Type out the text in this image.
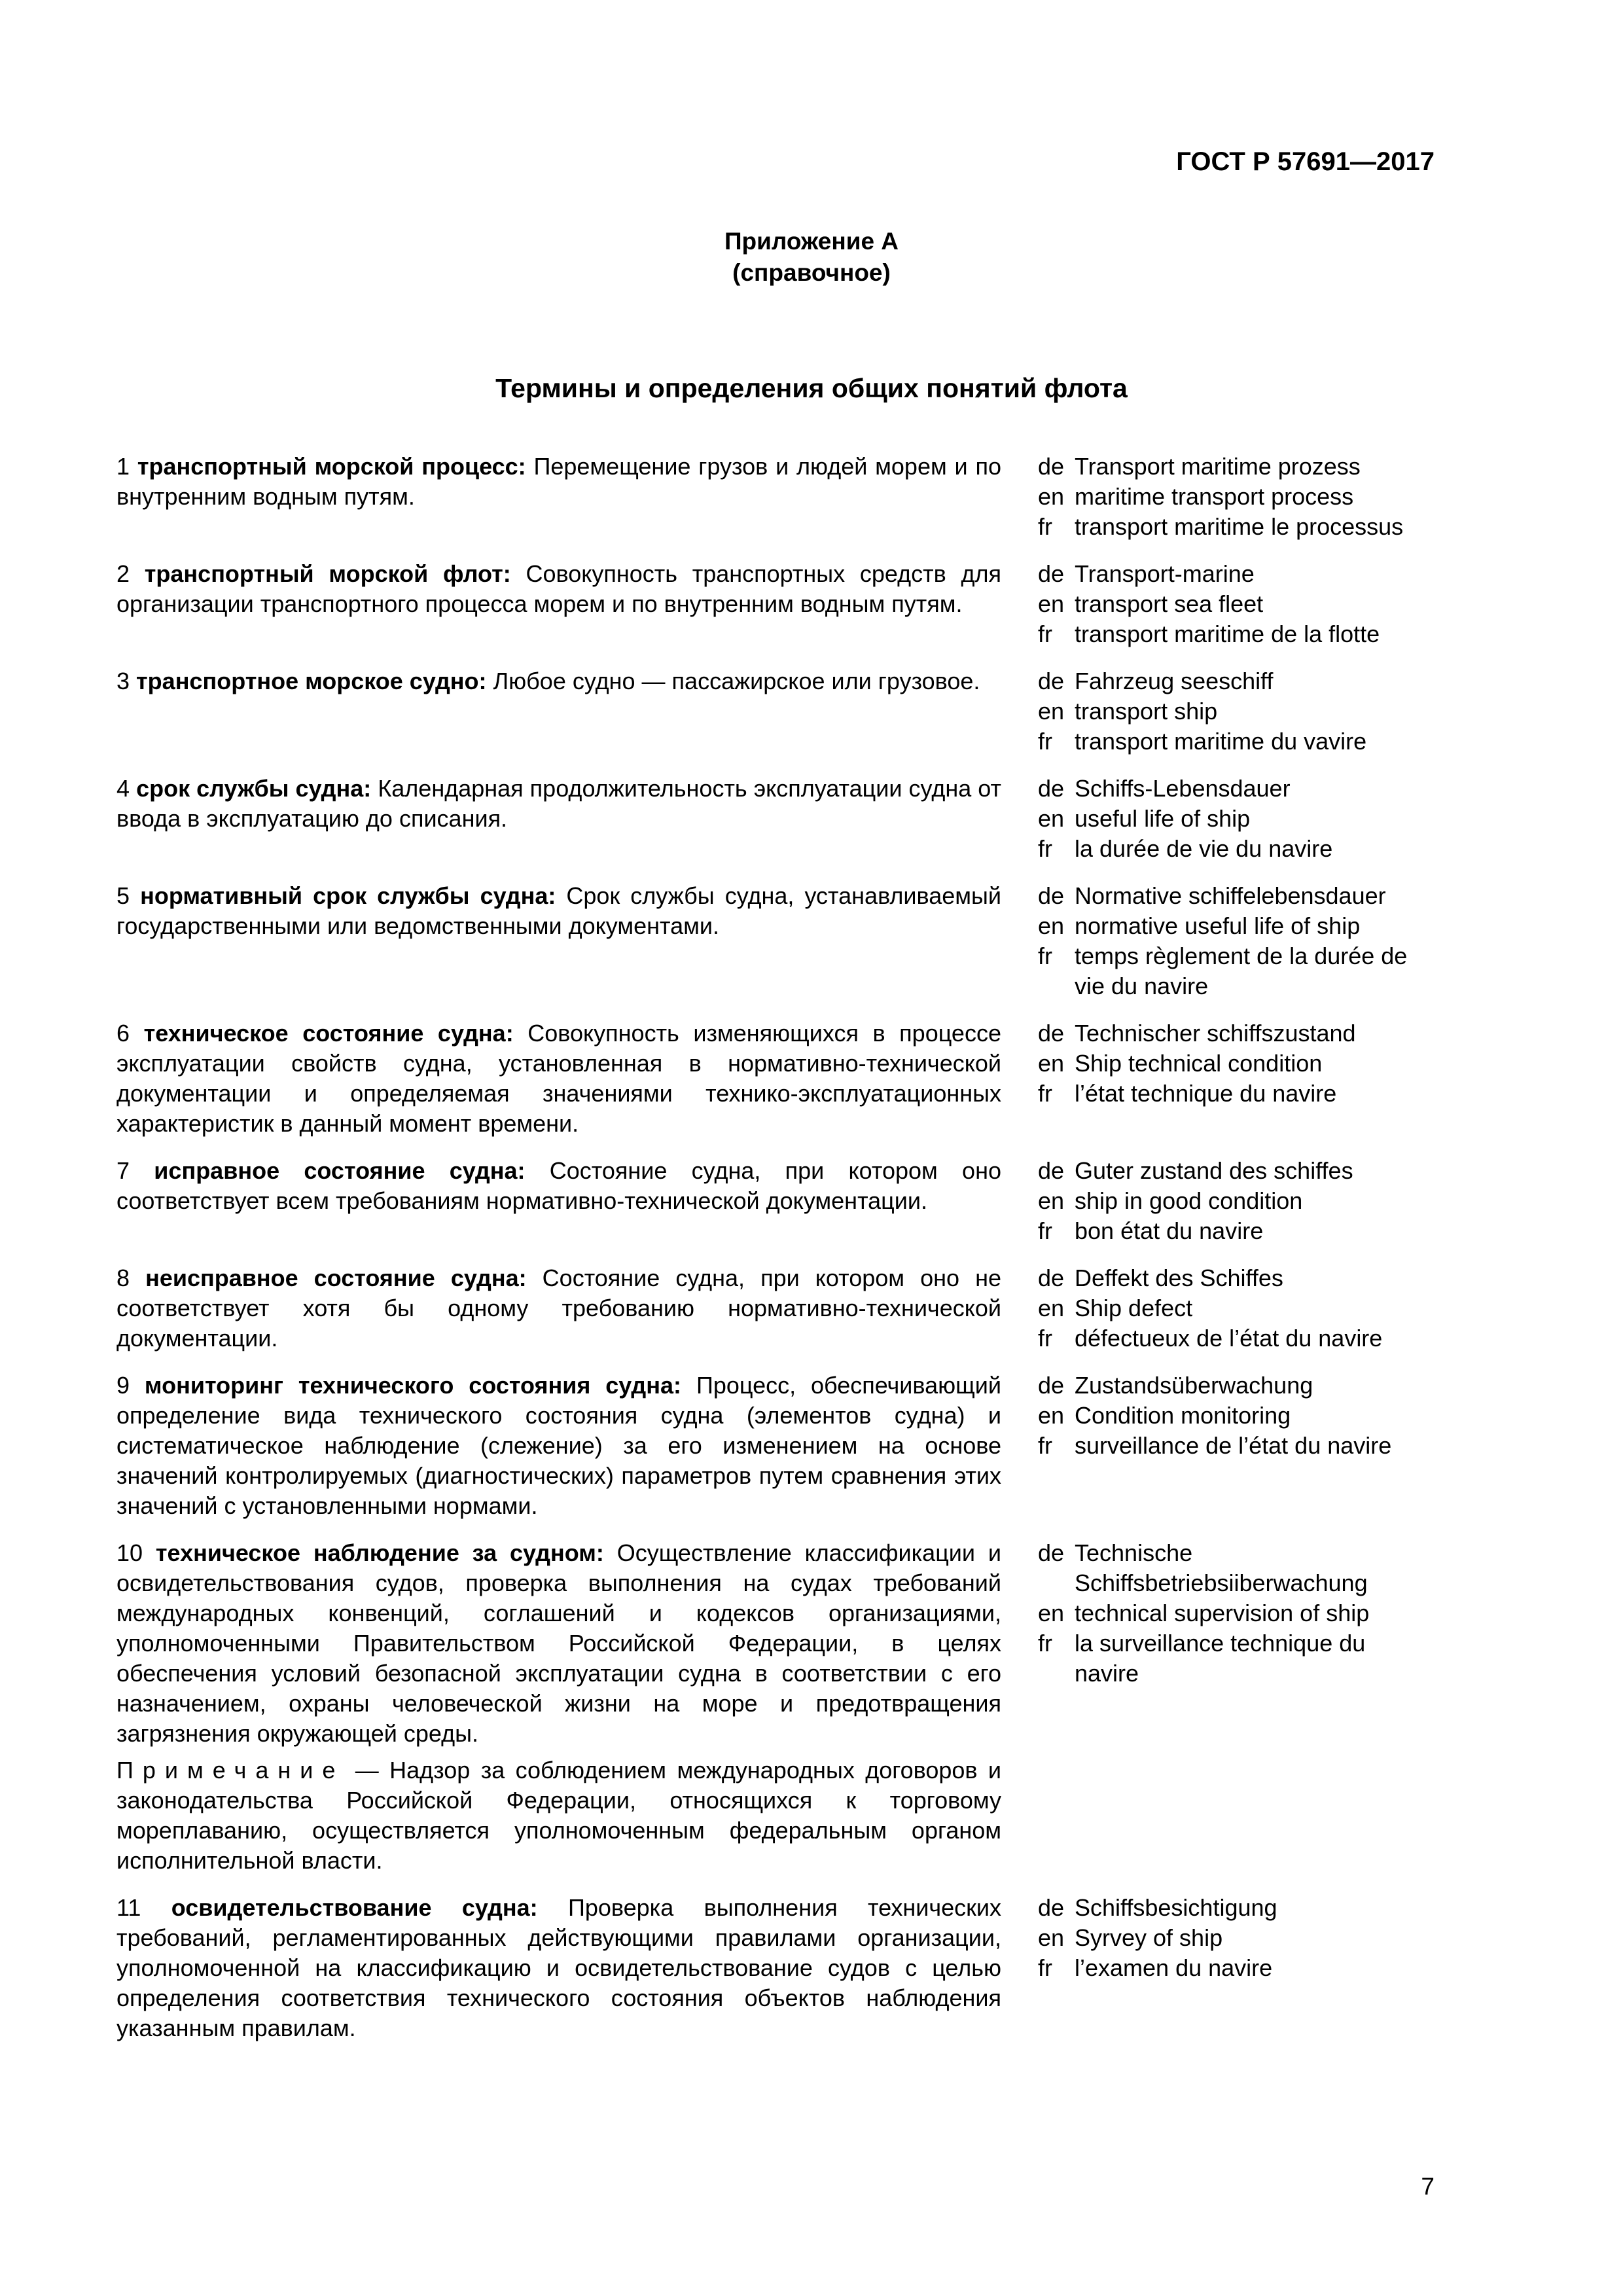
ГОСТ Р 57691—2017
Приложение А
(справочное)
Термины и определения общих понятий флота

1 транспортный морской процесс: Перемещение грузов и людей морем и по внутренним водным путям.

de Transport maritime prozess
en maritime transport process
fr transport maritime le processus

2 транспортный морской флот: Совокупность транспортных средств для организации транспортного процесса морем и по внутренним водным путям.

de Transport-marine
en transport sea fleet
fr transport maritime de la flotte

3 транспортное морское судно: Любое судно — пассажирское или грузовое.	de Fahrzeug seeschiff
en transport ship
fr transport maritime du vavire

4 срок службы судна: Календарная продолжительность эксплуатации судна от ввода в эксплуатацию до списания.

de Schiffs-Lebensdauer
en useful life of ship
fr la durée de vie du navire

5 нормативный срок службы судна: Срок службы судна, устанавливаемый государственными или ведомственными документами.

de Normative schiffelebensdauer
en normative useful life of ship
fr temps règlement de la durée de vie du navire

6 техническое состояние судна: Совокупность изменяющихся в процессе эксплуатации свойств судна, установленная в нормативно-технической документации и определяемая значениями технико-эксплуатационных характеристик в данный момент времени.

de Technischer schiffszustand
en Ship technical condition
fr l’état technique du navire

7 исправное состояние судна: Состояние судна, при котором оно соответствует всем требованиям нормативно-технической документации.

de Guter zustand des schiffes
en ship in good condition
fr bon état du navire

8 неисправное состояние судна: Состояние судна, при котором оно не соответствует хотя бы одному требованию нормативно-технической документации.

de Deffekt des Schiffes
en Ship defect
fr défectueux de l’état du navire

9 мониторинг технического состояния судна: Процесс, обеспечивающий определение вида технического состояния судна (элементов судна) и систематическое наблюдение (слежение) за его изменением на основе значений контролируемых (диагностических) параметров путем сравнения этих значений с установленными нормами.

de Zustandsüberwachung
en Condition monitoring
fr surveillance de l’état du navire

10 техническое наблюдение за судном: Осуществление классификации и освидетельствования судов, проверка выполнения на судах требований международных конвенций, соглашений и кодексов организациями, уполномоченными Правительством Российской Федерации, в целях обеспечения условий безопасной эксплуатации судна в соответствии с его назначением, охраны человеческой жизни на море и предотвращения загрязнения окружающей среды.

Примечание — Надзор за соблюдением международных договоров и законодательства Российской Федерации, относящихся к торговому мореплаванию, осуществляется уполномоченным федеральным органом исполнительной власти.

de Technische Schiffsbetriebsiiberwachung
en technical supervision of ship
fr la surveillance technique du navire

11 освидетельствование судна: Проверка выполнения технических требований, регламентированных действующими правилами организации, уполномоченной на классификацию и освидетельствование судов с целью определения соответствия технического состояния объектов наблюдения указанным правилам.

de Schiffsbesichtigung
en Syrvey of ship
fr l’examen du navire
7
